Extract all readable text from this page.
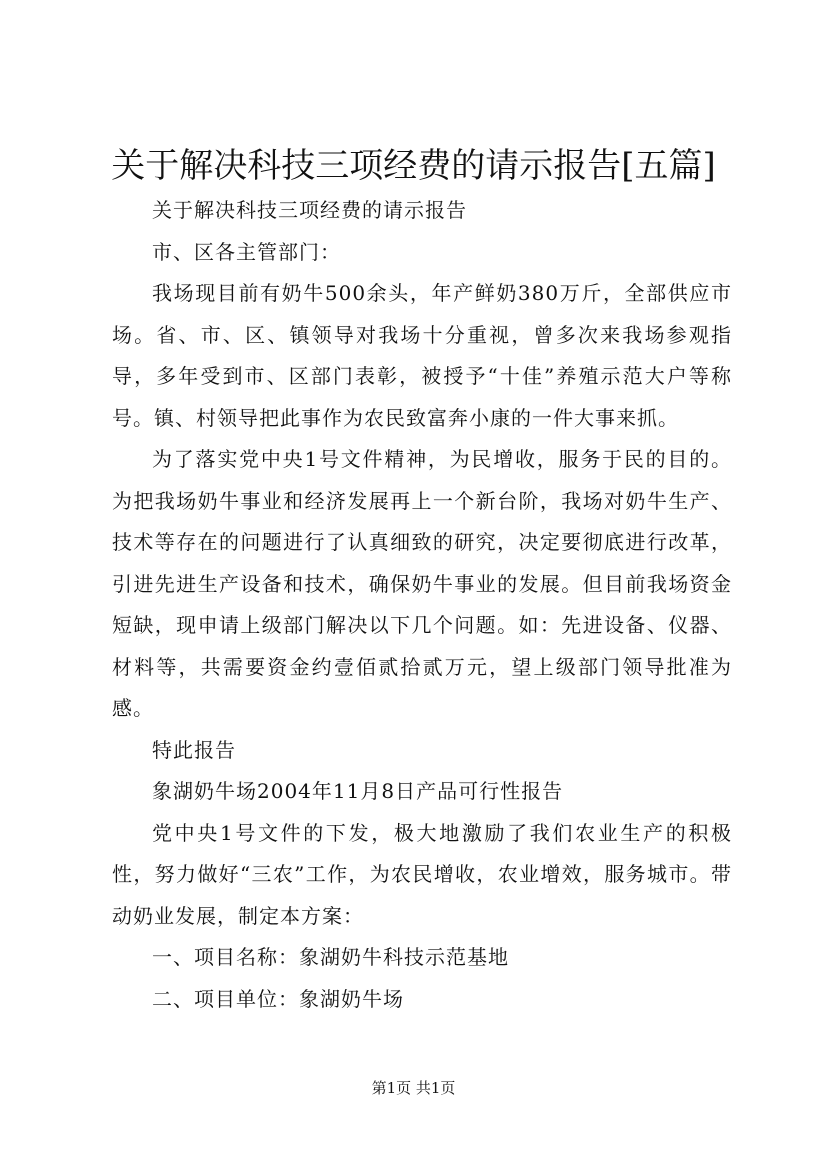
关于解决科技三项经费的请示报告[五篇]

关于解决科技三项经费的请示报告

市、区各主管部门：

我场现目前有奶牛500余头，年产鲜奶380万斤，全部供应市场。省、市、区、镇领导对我场十分重视，曾多次来我场参观指导，多年受到市、区部门表彰，被授予“十佳”养殖示范大户等称号。镇、村领导把此事作为农民致富奔小康的一件大事来抓。

为了落实党中央1号文件精神，为民增收，服务于民的目的。为把我场奶牛事业和经济发展再上一个新台阶，我场对奶牛生产、技术等存在的问题进行了认真细致的研究，决定要彻底进行改革，引进先进生产设备和技术，确保奶牛事业的发展。但目前我场资金短缺，现申请上级部门解决以下几个问题。如：先进设备、仪器、材料等，共需要资金约壹佰贰拾贰万元，望上级部门领导批准为感。

特此报告

象湖奶牛场2004年11月8日产品可行性报告

党中央1号文件的下发，极大地激励了我们农业生产的积极性，努力做好“三农”工作，为农民增收，农业增效，服务城市。带动奶业发展，制定本方案：

一、项目名称：象湖奶牛科技示范基地

二、项目单位：象湖奶牛场

第1页 共1页
